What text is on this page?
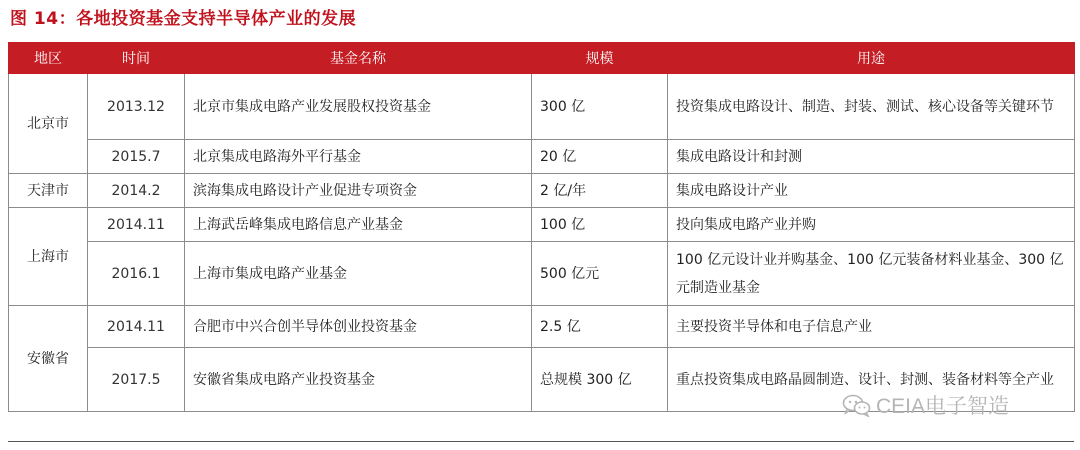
图 14：各地投资基金支持半导体产业的发展
地区	时间	基金名称	规模	用途
北京市	2013.12	北京市集成电路产业发展股权投资基金	300 亿	投资集成电路设计、制造、封装、测试、核心设备等关键环节
	2015.7	北京集成电路海外平行基金	20 亿	集成电路设计和封测
天津市	2014.2	滨海集成电路设计产业促进专项资金	2 亿/年	集成电路设计产业
上海市	2014.11	上海武岳峰集成电路信息产业基金	100 亿	投向集成电路产业并购
	2016.1	上海市集成电路产业基金	500 亿元	100 亿元设计业并购基金、100 亿元装备材料业基金、300 亿元制造业基金
安徽省	2014.11	合肥市中兴合创半导体创业投资基金	2.5 亿	主要投资半导体和电子信息产业
	2017.5	安徽省集成电路产业投资基金	总规模 300 亿	重点投资集成电路晶圆制造、设计、封测、装备材料等全产业
CEIA电子智造
